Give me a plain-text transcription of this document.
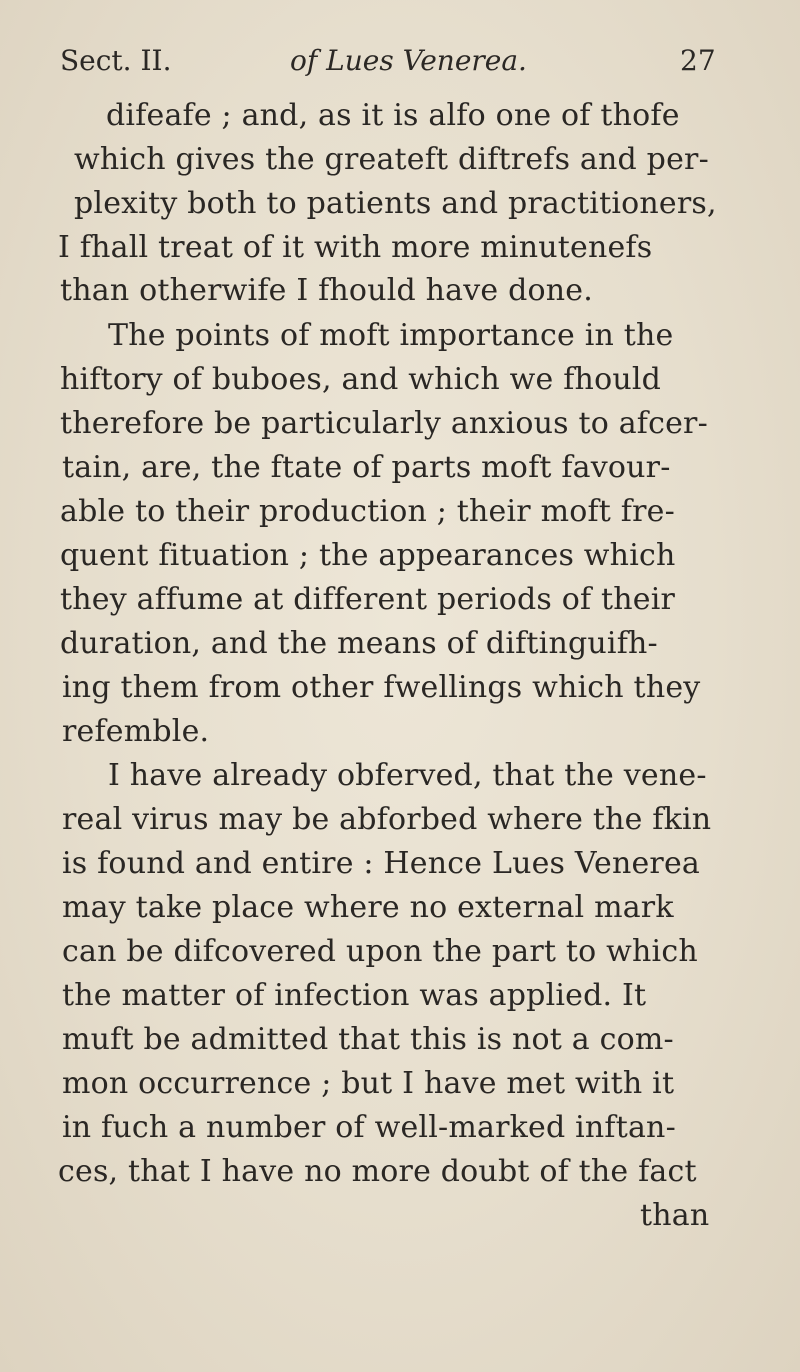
Sect. II.	of Lues Venerea.	27
difeafe ; and, as it is alfo one of thofe
which gives the greateft diftrefs and per-
plexity both to patients and practitioners,
I fhall treat of it with more minutenefs
than otherwife I fhould have done.
The points of moft importance in the
hiftory of buboes, and which we fhould
therefore be particularly anxious to afcer-
tain, are, the ftate of parts moft favour-
able to their production ; their moft fre-
quent fituation ; the appearances which
they affume at different periods of their
duration, and the means of diftinguifh-
ing them from other fwellings which they
refemble.
I have already obferved, that the vene-
real virus may be abforbed where the fkin
is found and entire : Hence Lues Venerea
may take place where no external mark
can be difcovered upon the part to which
the matter of infection was applied. It
muft be admitted that this is not a com-
mon occurrence ; but I have met with it
in fuch a number of well-marked inftan-
ces, that I have no more doubt of the fact
than
